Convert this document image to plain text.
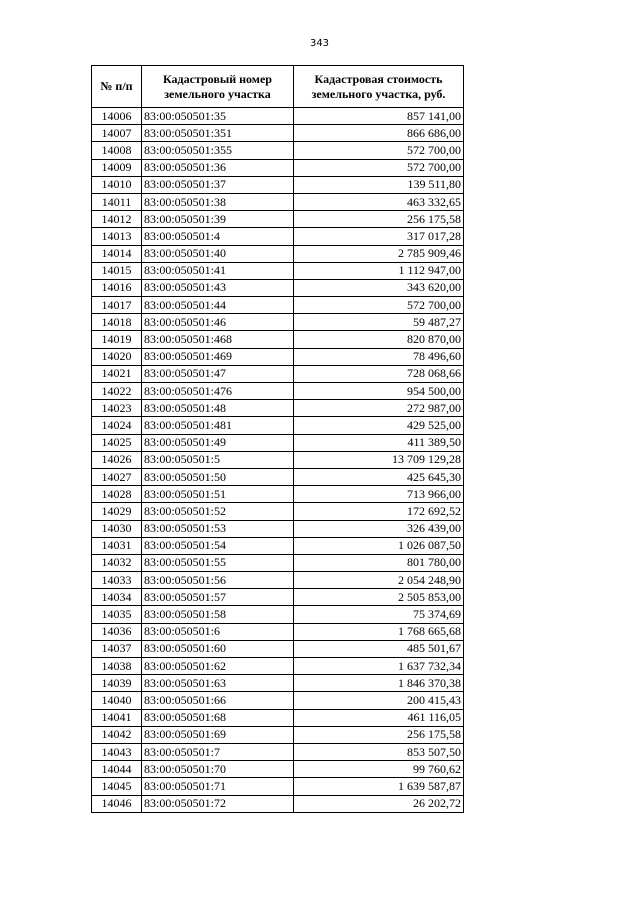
343
№ п/п	Кадастровый номер земельного участка	Кадастровая стоимость земельного участка, руб.
14006	83:00:050501:35	857 141,00
14007	83:00:050501:351	866 686,00
14008	83:00:050501:355	572 700,00
14009	83:00:050501:36	572 700,00
14010	83:00:050501:37	139 511,80
14011	83:00:050501:38	463 332,65
14012	83:00:050501:39	256 175,58
14013	83:00:050501:4	317 017,28
14014	83:00:050501:40	2 785 909,46
14015	83:00:050501:41	1 112 947,00
14016	83:00:050501:43	343 620,00
14017	83:00:050501:44	572 700,00
14018	83:00:050501:46	59 487,27
14019	83:00:050501:468	820 870,00
14020	83:00:050501:469	78 496,60
14021	83:00:050501:47	728 068,66
14022	83:00:050501:476	954 500,00
14023	83:00:050501:48	272 987,00
14024	83:00:050501:481	429 525,00
14025	83:00:050501:49	411 389,50
14026	83:00:050501:5	13 709 129,28
14027	83:00:050501:50	425 645,30
14028	83:00:050501:51	713 966,00
14029	83:00:050501:52	172 692,52
14030	83:00:050501:53	326 439,00
14031	83:00:050501:54	1 026 087,50
14032	83:00:050501:55	801 780,00
14033	83:00:050501:56	2 054 248,90
14034	83:00:050501:57	2 505 853,00
14035	83:00:050501:58	75 374,69
14036	83:00:050501:6	1 768 665,68
14037	83:00:050501:60	485 501,67
14038	83:00:050501:62	1 637 732,34
14039	83:00:050501:63	1 846 370,38
14040	83:00:050501:66	200 415,43
14041	83:00:050501:68	461 116,05
14042	83:00:050501:69	256 175,58
14043	83:00:050501:7	853 507,50
14044	83:00:050501:70	99 760,62
14045	83:00:050501:71	1 639 587,87
14046	83:00:050501:72	26 202,72
